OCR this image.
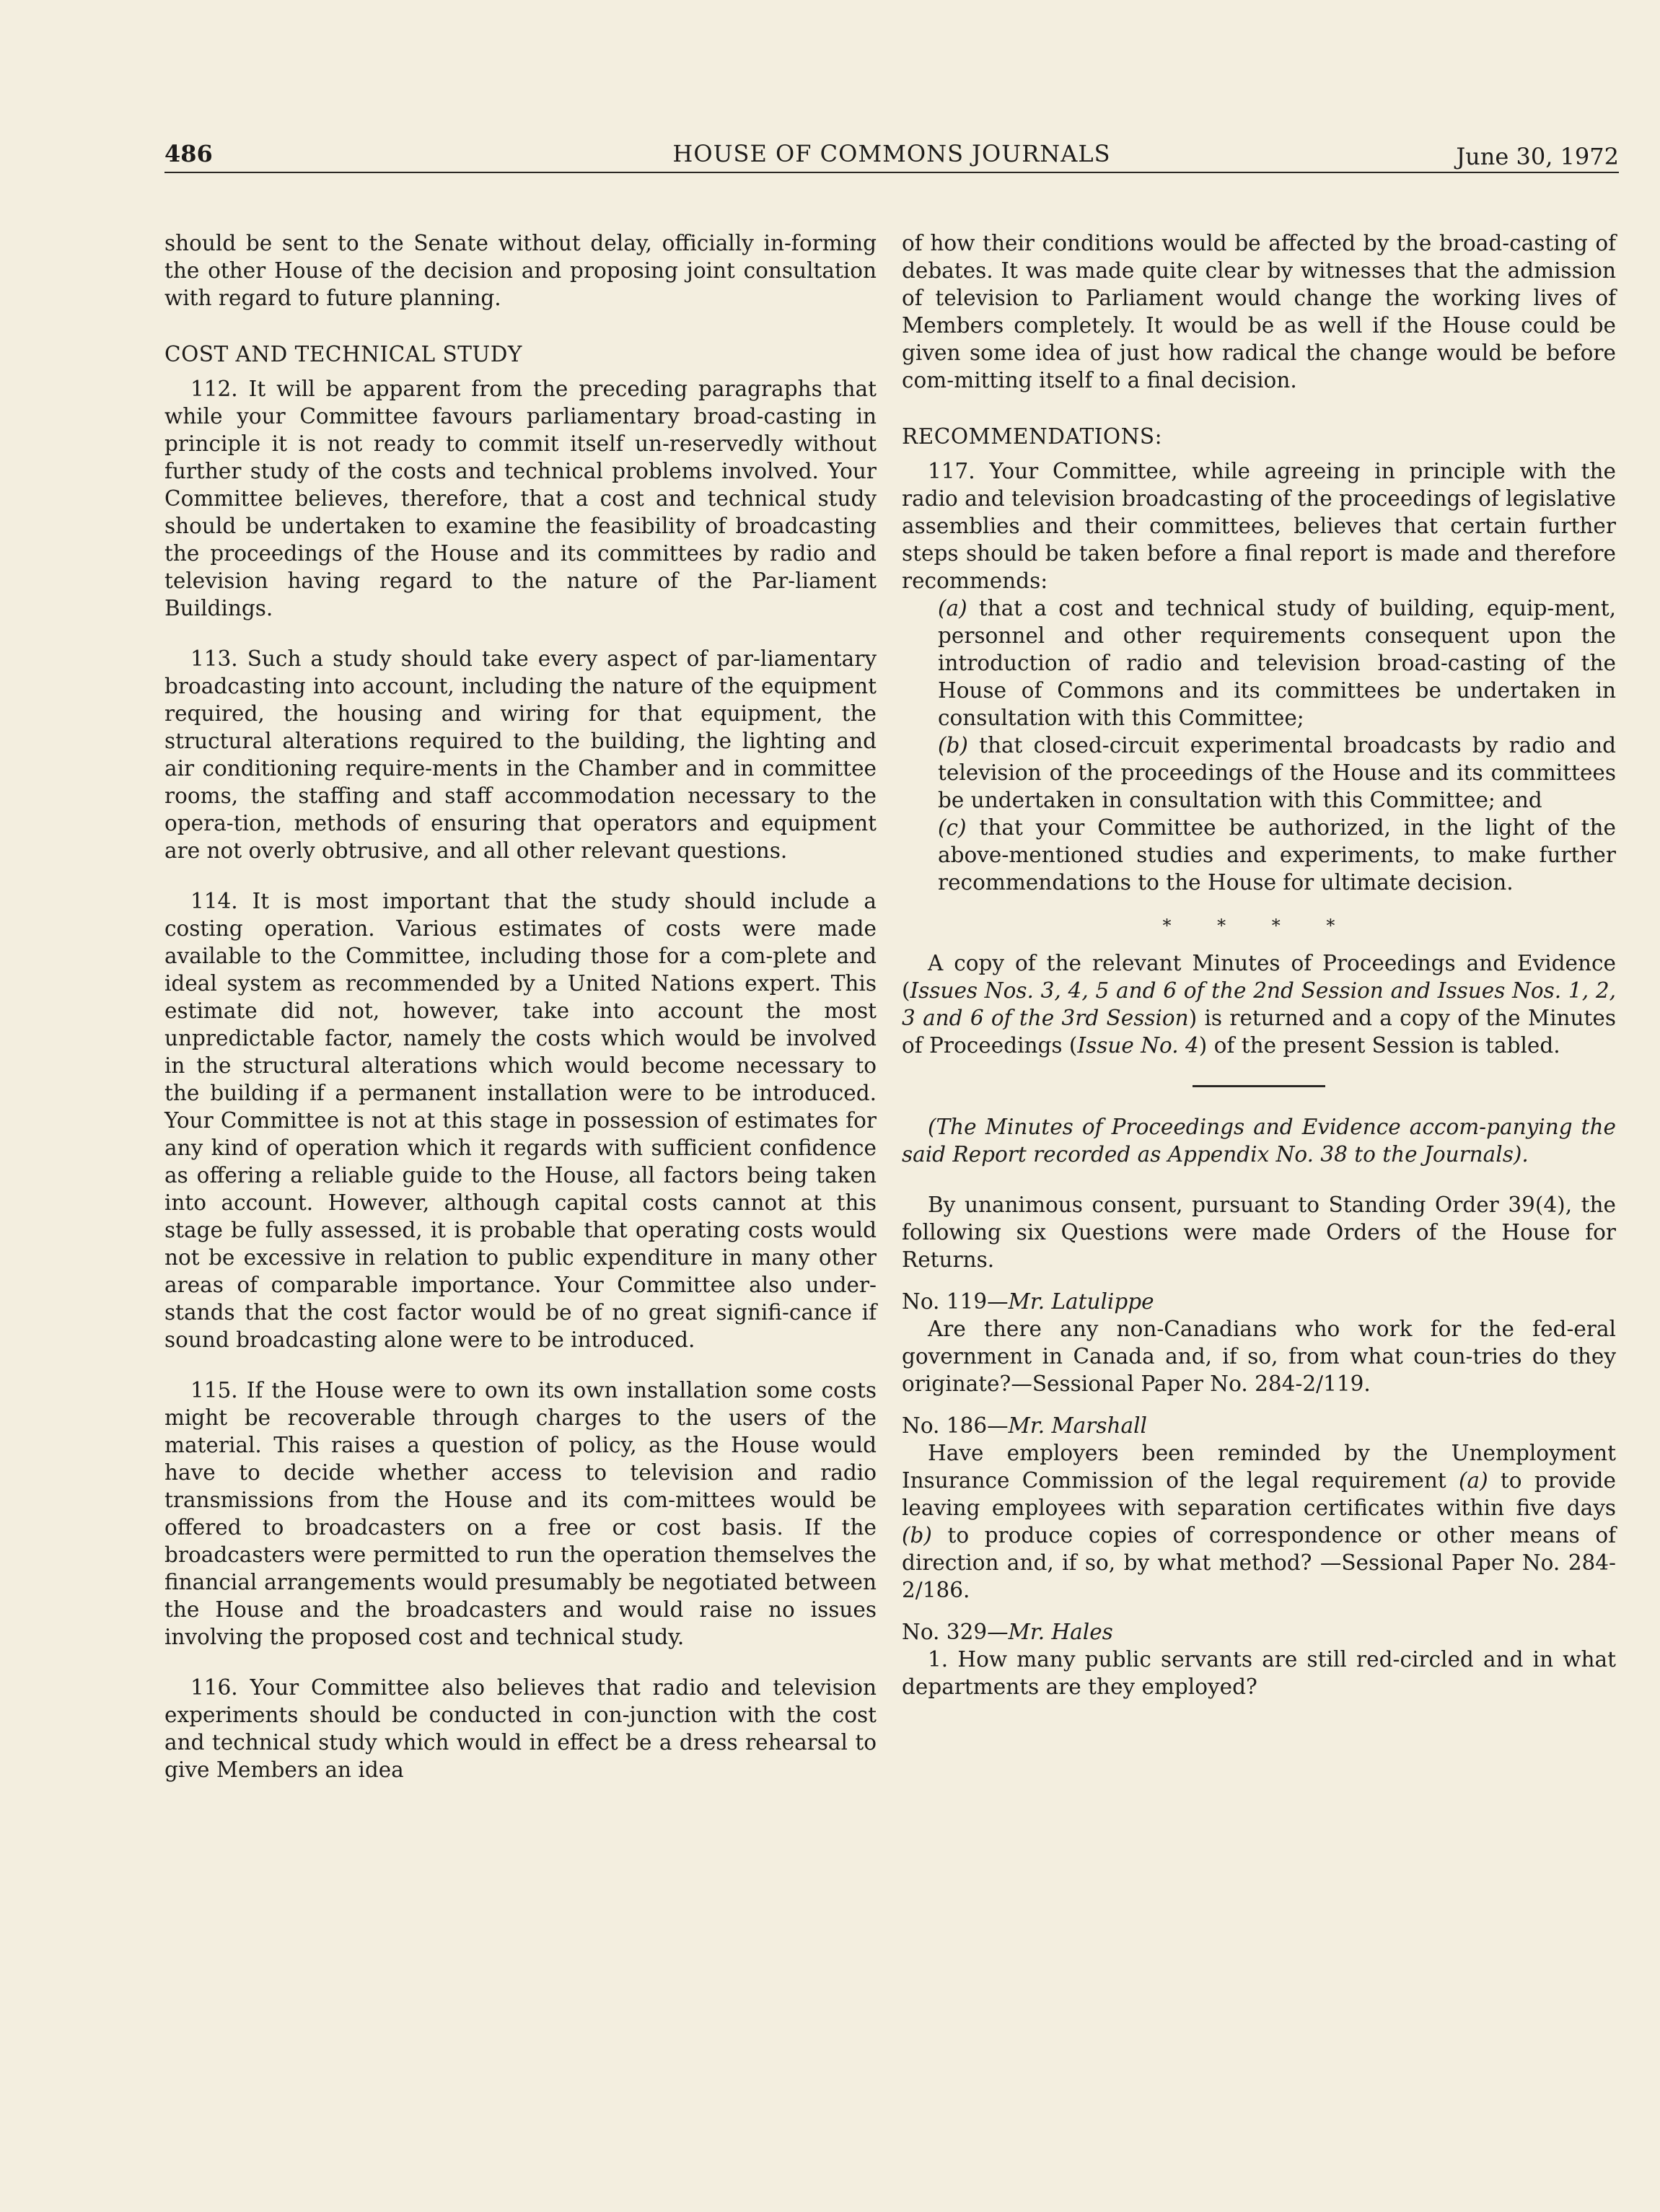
486	HOUSE OF COMMONS JOURNALS	June 30, 1972

should be sent to the Senate without delay, officially in-forming the other House of the decision and proposing joint consultation with regard to future planning.

COST AND TECHNICAL STUDY

112. It will be apparent from the preceding paragraphs that while your Committee favours parliamentary broad-casting in principle it is not ready to commit itself un-reservedly without further study of the costs and technical problems involved. Your Committee believes, therefore, that a cost and technical study should be undertaken to examine the feasibility of broadcasting the proceedings of the House and its committees by radio and television having regard to the nature of the Par-liament Buildings.

113. Such a study should take every aspect of par-liamentary broadcasting into account, including the nature of the equipment required, the housing and wiring for that equipment, the structural alterations required to the building, the lighting and air conditioning require-ments in the Chamber and in committee rooms, the staffing and staff accommodation necessary to the opera-tion, methods of ensuring that operators and equipment are not overly obtrusive, and all other relevant questions.

114. It is most important that the study should include a costing operation. Various estimates of costs were made available to the Committee, including those for a com-plete and ideal system as recommended by a United Nations expert. This estimate did not, however, take into account the most unpredictable factor, namely the costs which would be involved in the structural alterations which would become necessary to the building if a permanent installation were to be introduced. Your Committee is not at this stage in possession of estimates for any kind of operation which it regards with sufficient confidence as offering a reliable guide to the House, all factors being taken into account. However, although capital costs cannot at this stage be fully assessed, it is probable that operating costs would not be excessive in relation to public expenditure in many other areas of comparable importance. Your Committee also under-stands that the cost factor would be of no great signifi-cance if sound broadcasting alone were to be introduced.

115. If the House were to own its own installation some costs might be recoverable through charges to the users of the material. This raises a question of policy, as the House would have to decide whether access to television and radio transmissions from the House and its com-mittees would be offered to broadcasters on a free or cost basis. If the broadcasters were permitted to run the operation themselves the financial arrangements would presumably be negotiated between the House and the broadcasters and would raise no issues involving the proposed cost and technical study.

116. Your Committee also believes that radio and television experiments should be conducted in con-junction with the cost and technical study which would in effect be a dress rehearsal to give Members an idea

of how their conditions would be affected by the broad-casting of debates. It was made quite clear by witnesses that the admission of television to Parliament would change the working lives of Members completely. It would be as well if the House could be given some idea of just how radical the change would be before com-mitting itself to a final decision.

RECOMMENDATIONS:

117. Your Committee, while agreeing in principle with the radio and television broadcasting of the proceedings of legislative assemblies and their committees, believes that certain further steps should be taken before a final report is made and therefore recommends:

(a) that a cost and technical study of building, equip-ment, personnel and other requirements consequent upon the introduction of radio and television broad-casting of the House of Commons and its committees be undertaken in consultation with this Committee;

(b) that closed-circuit experimental broadcasts by radio and television of the proceedings of the House and its committees be undertaken in consultation with this Committee; and

(c) that your Committee be authorized, in the light of the above-mentioned studies and experiments, to make further recommendations to the House for ultimate decision.

* * * *

A copy of the relevant Minutes of Proceedings and Evidence (Issues Nos. 3, 4, 5 and 6 of the 2nd Session and Issues Nos. 1, 2, 3 and 6 of the 3rd Session) is returned and a copy of the Minutes of Proceedings (Issue No. 4) of the present Session is tabled.

(The Minutes of Proceedings and Evidence accom-panying the said Report recorded as Appendix No. 38 to the Journals).

By unanimous consent, pursuant to Standing Order 39(4), the following six Questions were made Orders of the House for Returns.

No. 119—Mr. Latulippe

Are there any non-Canadians who work for the fed-eral government in Canada and, if so, from what coun-tries do they originate?—Sessional Paper No. 284-2/119.

No. 186—Mr. Marshall

Have employers been reminded by the Unemployment Insurance Commission of the legal requirement (a) to provide leaving employees with separation certificates within five days (b) to produce copies of correspondence or other means of direction and, if so, by what method? —Sessional Paper No. 284-2/186.

No. 329—Mr. Hales

1. How many public servants are still red-circled and in what departments are they employed?
